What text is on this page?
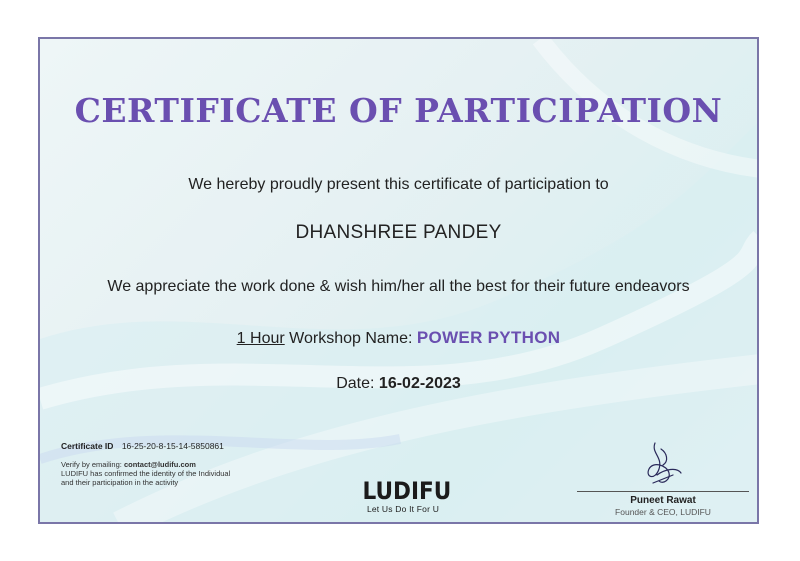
CERTIFICATE OF PARTICIPATION
We hereby proudly present this certificate of participation to
DHANSHREE PANDEY
We appreciate the work done & wish him/her all the best for their future endeavors
1 Hour Workshop Name: POWER PYTHON
Date: 16-02-2023
Certificate ID 16-25-20-8-15-14-5850861
Verify by emailing: contact@ludifu.com
LUDIFU has confirmed the identity of the Individual and their participation in the activity	LUDIFU
Let Us Do It For U
Puneet Rawat
Founder & CEO, LUDIFU
